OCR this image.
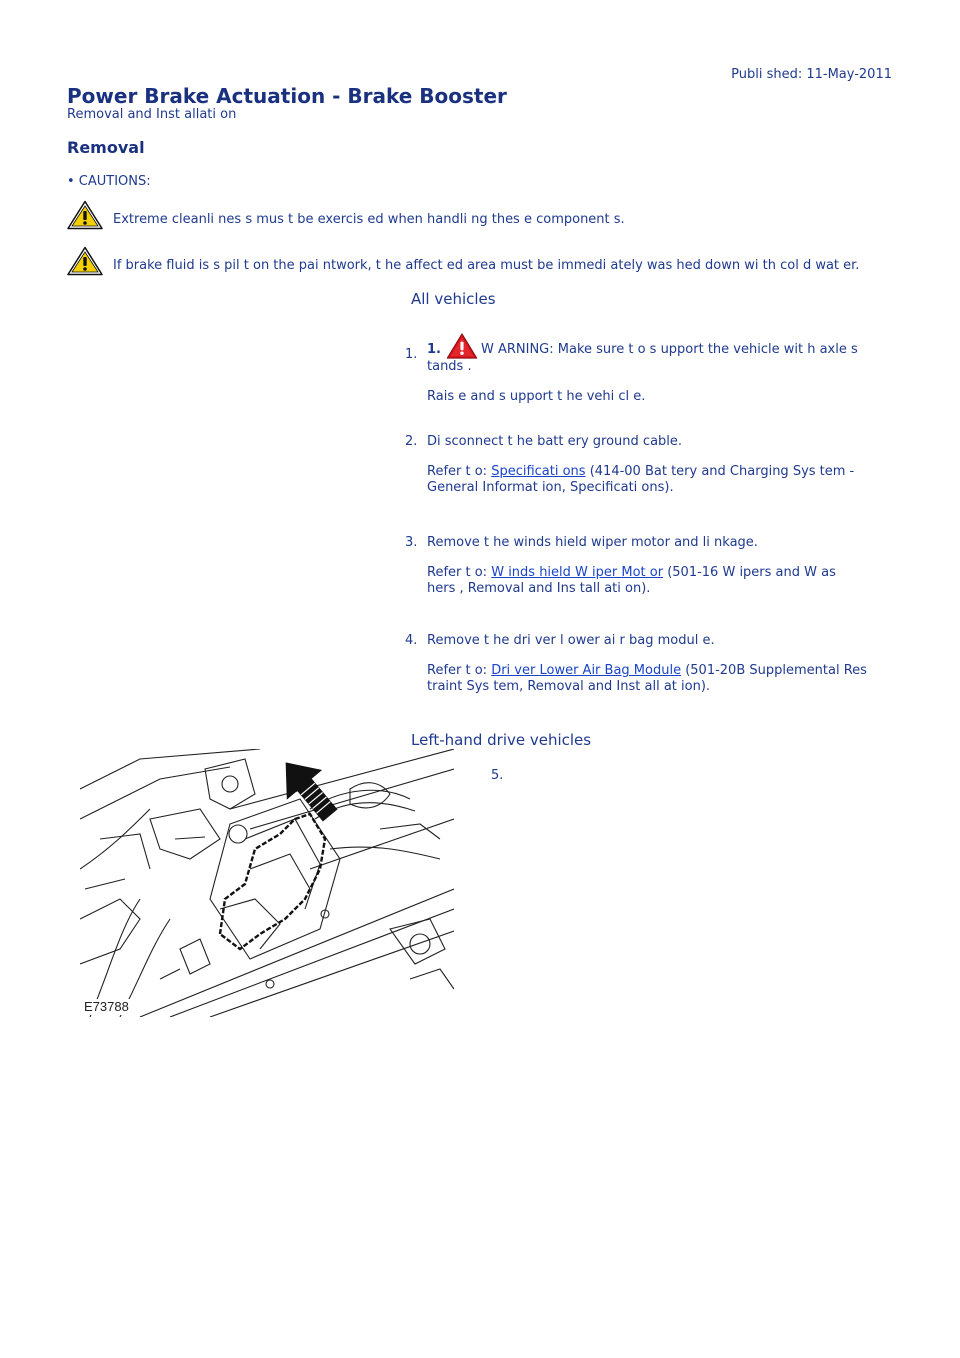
Publi shed: 11-May-2011
Power Brake Actuation - Brake Booster
Removal and Inst allati on
Removal
• CAUTIONS:
Extreme cleanli nes s mus t be exercis ed when handli ng thes e component s.
If brake fluid is s pil t on the pai ntwork, t he affect ed area must be immedi ately was hed down wi th col d wat er.
All vehicles
1. 1.	W ARNING: Make sure t o s upport the vehicle wit h axle s tands .

Rais e and s upport t he vehi cl e.

2. Di sconnect t he batt ery ground cable.

Refer t o: Specificati ons (414-00 Bat tery and Charging Sys tem - General Informat ion, Specificati ons).

3. Remove t he winds hield wiper motor and li nkage.

Refer t o: W inds hield W iper Mot or (501-16 W ipers and W as hers , Removal and Ins tall ati on).

4. Remove t he dri ver l ower ai r bag modul e.

Refer t o: Dri ver Lower Air Bag Module (501-20B Supplemental Res traint Sys tem, Removal and Inst all at ion).

Left-hand drive vehicles
5.
E73788
